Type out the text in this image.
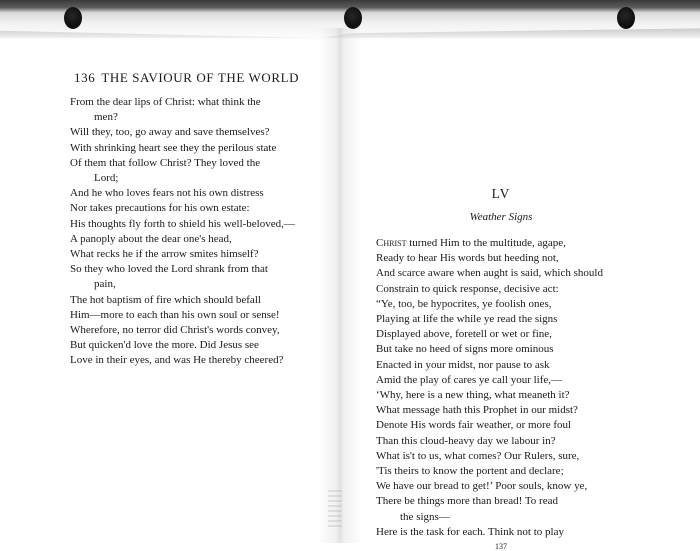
136 THE SAVIOUR OF THE WORLD
From the dear lips of Christ: what think the
men?
Will they, too, go away and save themselves?
With shrinking heart see they the perilous state
Of them that follow Christ? They loved the
Lord;
And he who loves fears not his own distress
Nor takes precautions for his own estate:
His thoughts fly forth to shield his well-beloved,—
A panoply about the dear one's head,
What recks he if the arrow smites himself?
So they who loved the Lord shrank from that
pain,
The hot baptism of fire which should befall
Him—more to each than his own soul or sense!
Wherefore, no terror did Christ's words convey,
But quicken'd love the more. Did Jesus see
Love in their eyes, and was He thereby cheered?
LV
Weather Signs
Christ turned Him to the multitude, agape,
Ready to hear His words but heeding not,
And scarce aware when aught is said, which should
Constrain to quick response, decisive act:
“Ye, too, be hypocrites, ye foolish ones,
Playing at life the while ye read the signs
Displayed above, foretell or wet or fine,
But take no heed of signs more ominous
Enacted in your midst, nor pause to ask
Amid the play of cares ye call your life,—
‘Why, here is a new thing, what meaneth it?
What message hath this Prophet in our midst?
Denote His words fair weather, or more foul
Than this cloud-heavy day we labour in?
What is't to us, what comes? Our Rulers, sure,
'Tis theirs to know the portent and declare;
We have our bread to get!’ Poor souls, know ye,
There be things more than bread! To read
the signs—
Here is the task for each. Think not to play
137
